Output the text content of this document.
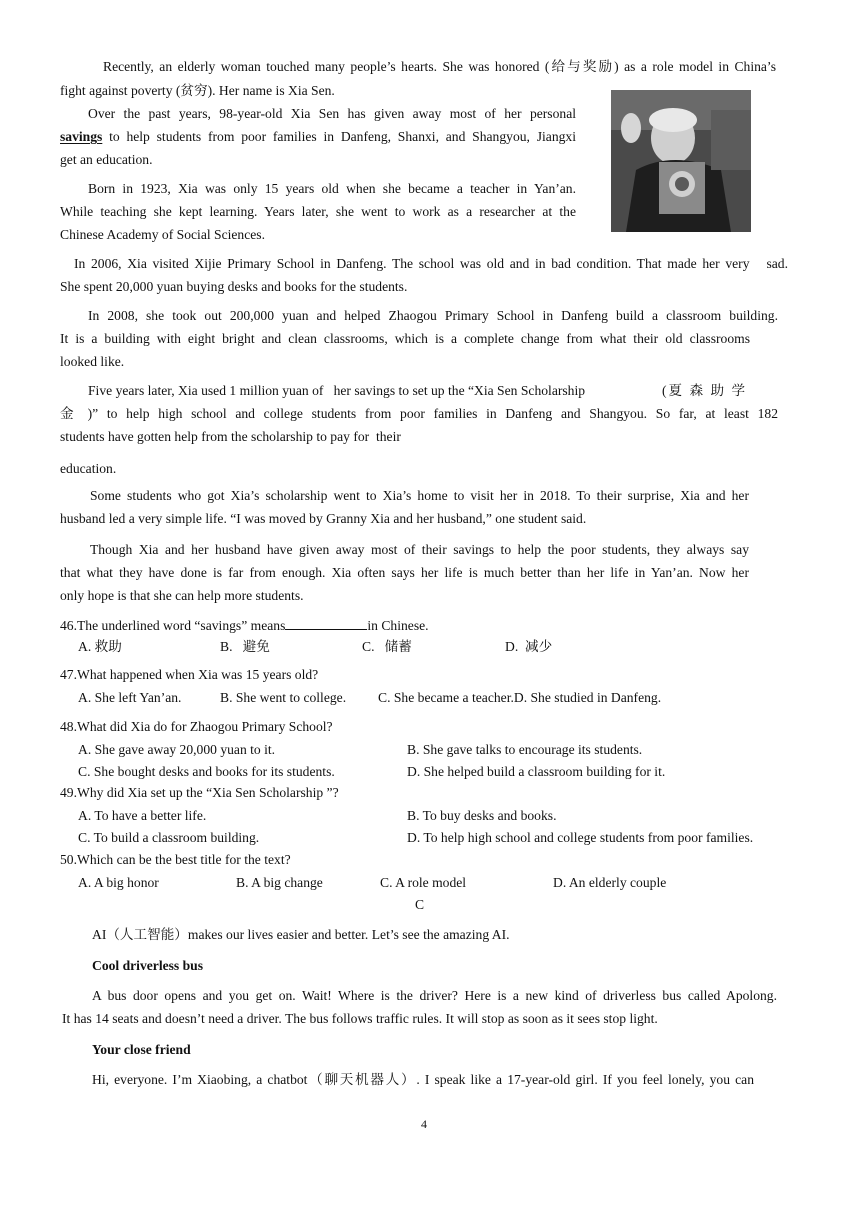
Recently, an elderly woman touched many people’s hearts. She was honored (给与奖励) as a role model in China’s
fight against poverty (贫穷). Her name is Xia Sen.
Over the past years, 98-year-old Xia Sen has given away most of her personal
savings to help students from poor families in Danfeng, Shanxi, and Shangyou, Jiangxi
get an education.
Born in 1923, Xia was only 15 years old when she became a teacher in Yan’an.
While teaching she kept learning. Years later, she went to work as a researcher at the
Chinese Academy of Social Sciences.
In 2006, Xia visited Xijie Primary School in Danfeng. The school was old and in bad condition. That made her very   sad.
She spent 20,000 yuan buying desks and books for the students.
In 2008, she took out 200,000 yuan and helped Zhaogou Primary School in Danfeng build a classroom building.
It is a building with eight bright and clean classrooms, which is a complete change from what their old classrooms
looked like.
Five years later, Xia used 1 million yuan of   her savings to set up the “Xia Sen Scholarship	(夏 森 助 学
金 )” to help high school and college students from poor families in Danfeng and Shangyou. So far, at least 182
students have gotten help from the scholarship to pay for  their
education.
Some students who got Xia’s scholarship went to Xia’s home to visit her in 2018. To their surprise, Xia and her
husband led a very simple life. “I was moved by Granny Xia and her husband,” one student said.
Though Xia and her husband have given away most of their savings to help the poor students, they always say
that what they have done is far from enough. Xia often says her life is much better than her life in Yan’an. Now her
only hope is that she can help more students.
46.The underlined word “savings” means	in Chinese.
A. 救助	B.   避免	C.   储蓄	D.  减少
47.What happened when Xia was 15 years old?
A. She left Yan’an.	B. She went to college. C. She became a teacher.D. She studied in Danfeng.
48.What did Xia do for Zhaogou Primary School?
A. She gave away 20,000 yuan to it.	B. She gave talks to encourage its students.
C. She bought desks and books for its students.	D. She helped build a classroom building for it.
49.Why did Xia set up the “Xia Sen Scholarship ”?
A. To have a better life.	B. To buy desks and books.
C. To build a classroom building.	D. To help high school and college students from poor families.
50.Which can be the best title for the text?
A. A big honor	B. A big change	C. A role model	D. An elderly couple
C
AI（人工智能）makes our lives easier and better. Let’s see the amazing AI.
Cool driverless bus
A bus door opens and you get on. Wait! Where is the driver? Here is a new kind of driverless bus called Apolong.
It has 14 seats and doesn’t need a driver. The bus follows traffic rules. It will stop as soon as it sees stop light.
Your close friend
Hi, everyone. I’m Xiaobing, a chatbot（聊天机器人）. I speak like a 17-year-old girl. If you feel lonely, you can
4
